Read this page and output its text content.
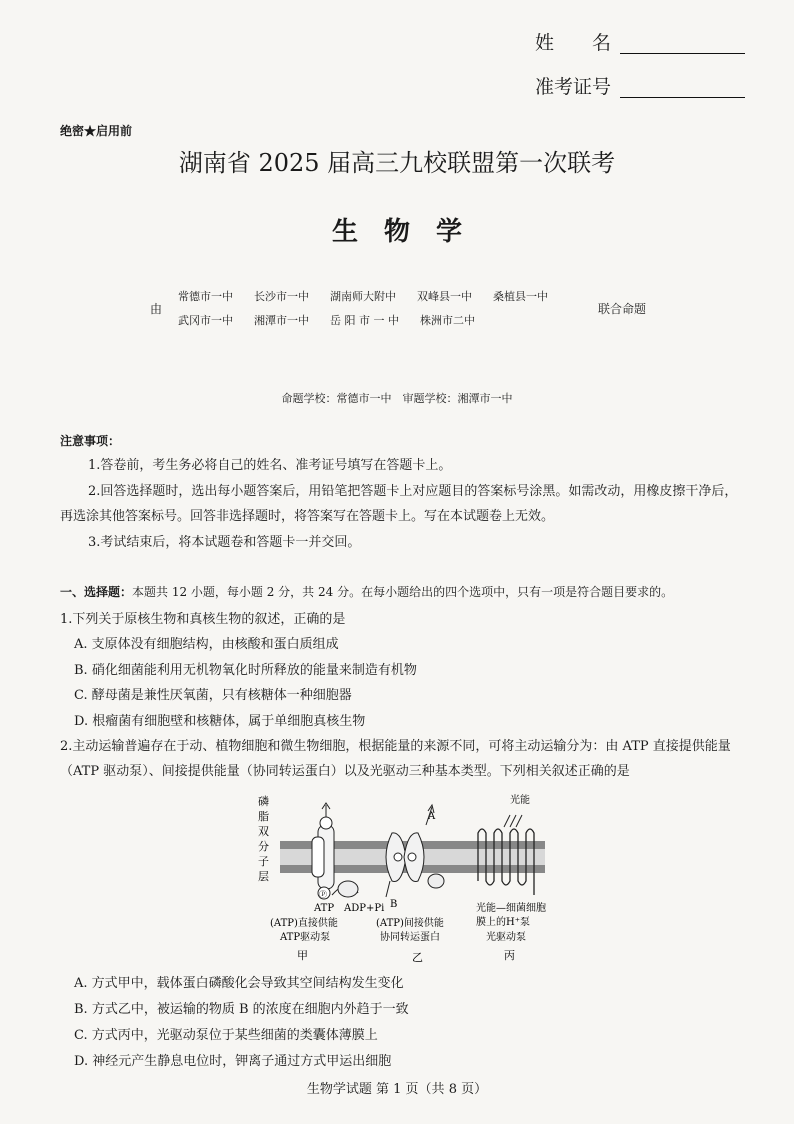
姓　　名
准考证号
绝密★启用前
湖南省 2025 届高三九校联盟第一次联考
生　物　学
由
常德市一中 长沙市一中 湖南师大附中 双峰县一中 桑植县一中
武冈市一中 湘潭市一中 岳 阳 市 一 中 株洲市二中
联合命题
命题学校：常德市一中　审题学校：湘潭市一中
注意事项：
1.答卷前，考生务必将自己的姓名、准考证号填写在答题卡上。
2.回答选择题时，选出每小题答案后，用铅笔把答题卡上对应题目的答案标号涂黑。如需改动，用橡皮擦干净后，
再选涂其他答案标号。回答非选择题时，将答案写在答题卡上。写在本试题卷上无效。
3.考试结束后，将本试题卷和答题卡一并交回。
一、选择题：本题共 12 小题，每小题 2 分，共 24 分。在每小题给出的四个选项中，只有一项是符合题目要求的。
1.下列关于原核生物和真核生物的叙述，正确的是
A. 支原体没有细胞结构，由核酸和蛋白质组成
B. 硝化细菌能利用无机物氧化时所释放的能量来制造有机物
C. 酵母菌是兼性厌氧菌，只有核糖体一种细胞器
D. 根瘤菌有细胞壁和核糖体，属于单细胞真核生物
2.主动运输普遍存在于动、植物细胞和微生物细胞，根据能量的来源不同，可将主动运输分为：由 ATP 直接提供能量
（ATP 驱动泵）、间接提供能量（协同转运蛋白）以及光驱动三种基本类型。下列相关叙述正确的是
磷
脂
双
分
子
层
Ⓟ
ATP ADP+Pi
A
B
光能
(ATP)直接供能
ATP驱动泵
甲
(ATP)间接供能
协同转运蛋白
乙
光能—细菌细胞
膜上的H⁺泵
光驱动泵
丙
A. 方式甲中，载体蛋白磷酸化会导致其空间结构发生变化
B. 方式乙中，被运输的物质 B 的浓度在细胞内外趋于一致
C. 方式丙中，光驱动泵位于某些细菌的类囊体薄膜上
D. 神经元产生静息电位时，钾离子通过方式甲运出细胞
生物学试题 第 1 页（共 8 页）
